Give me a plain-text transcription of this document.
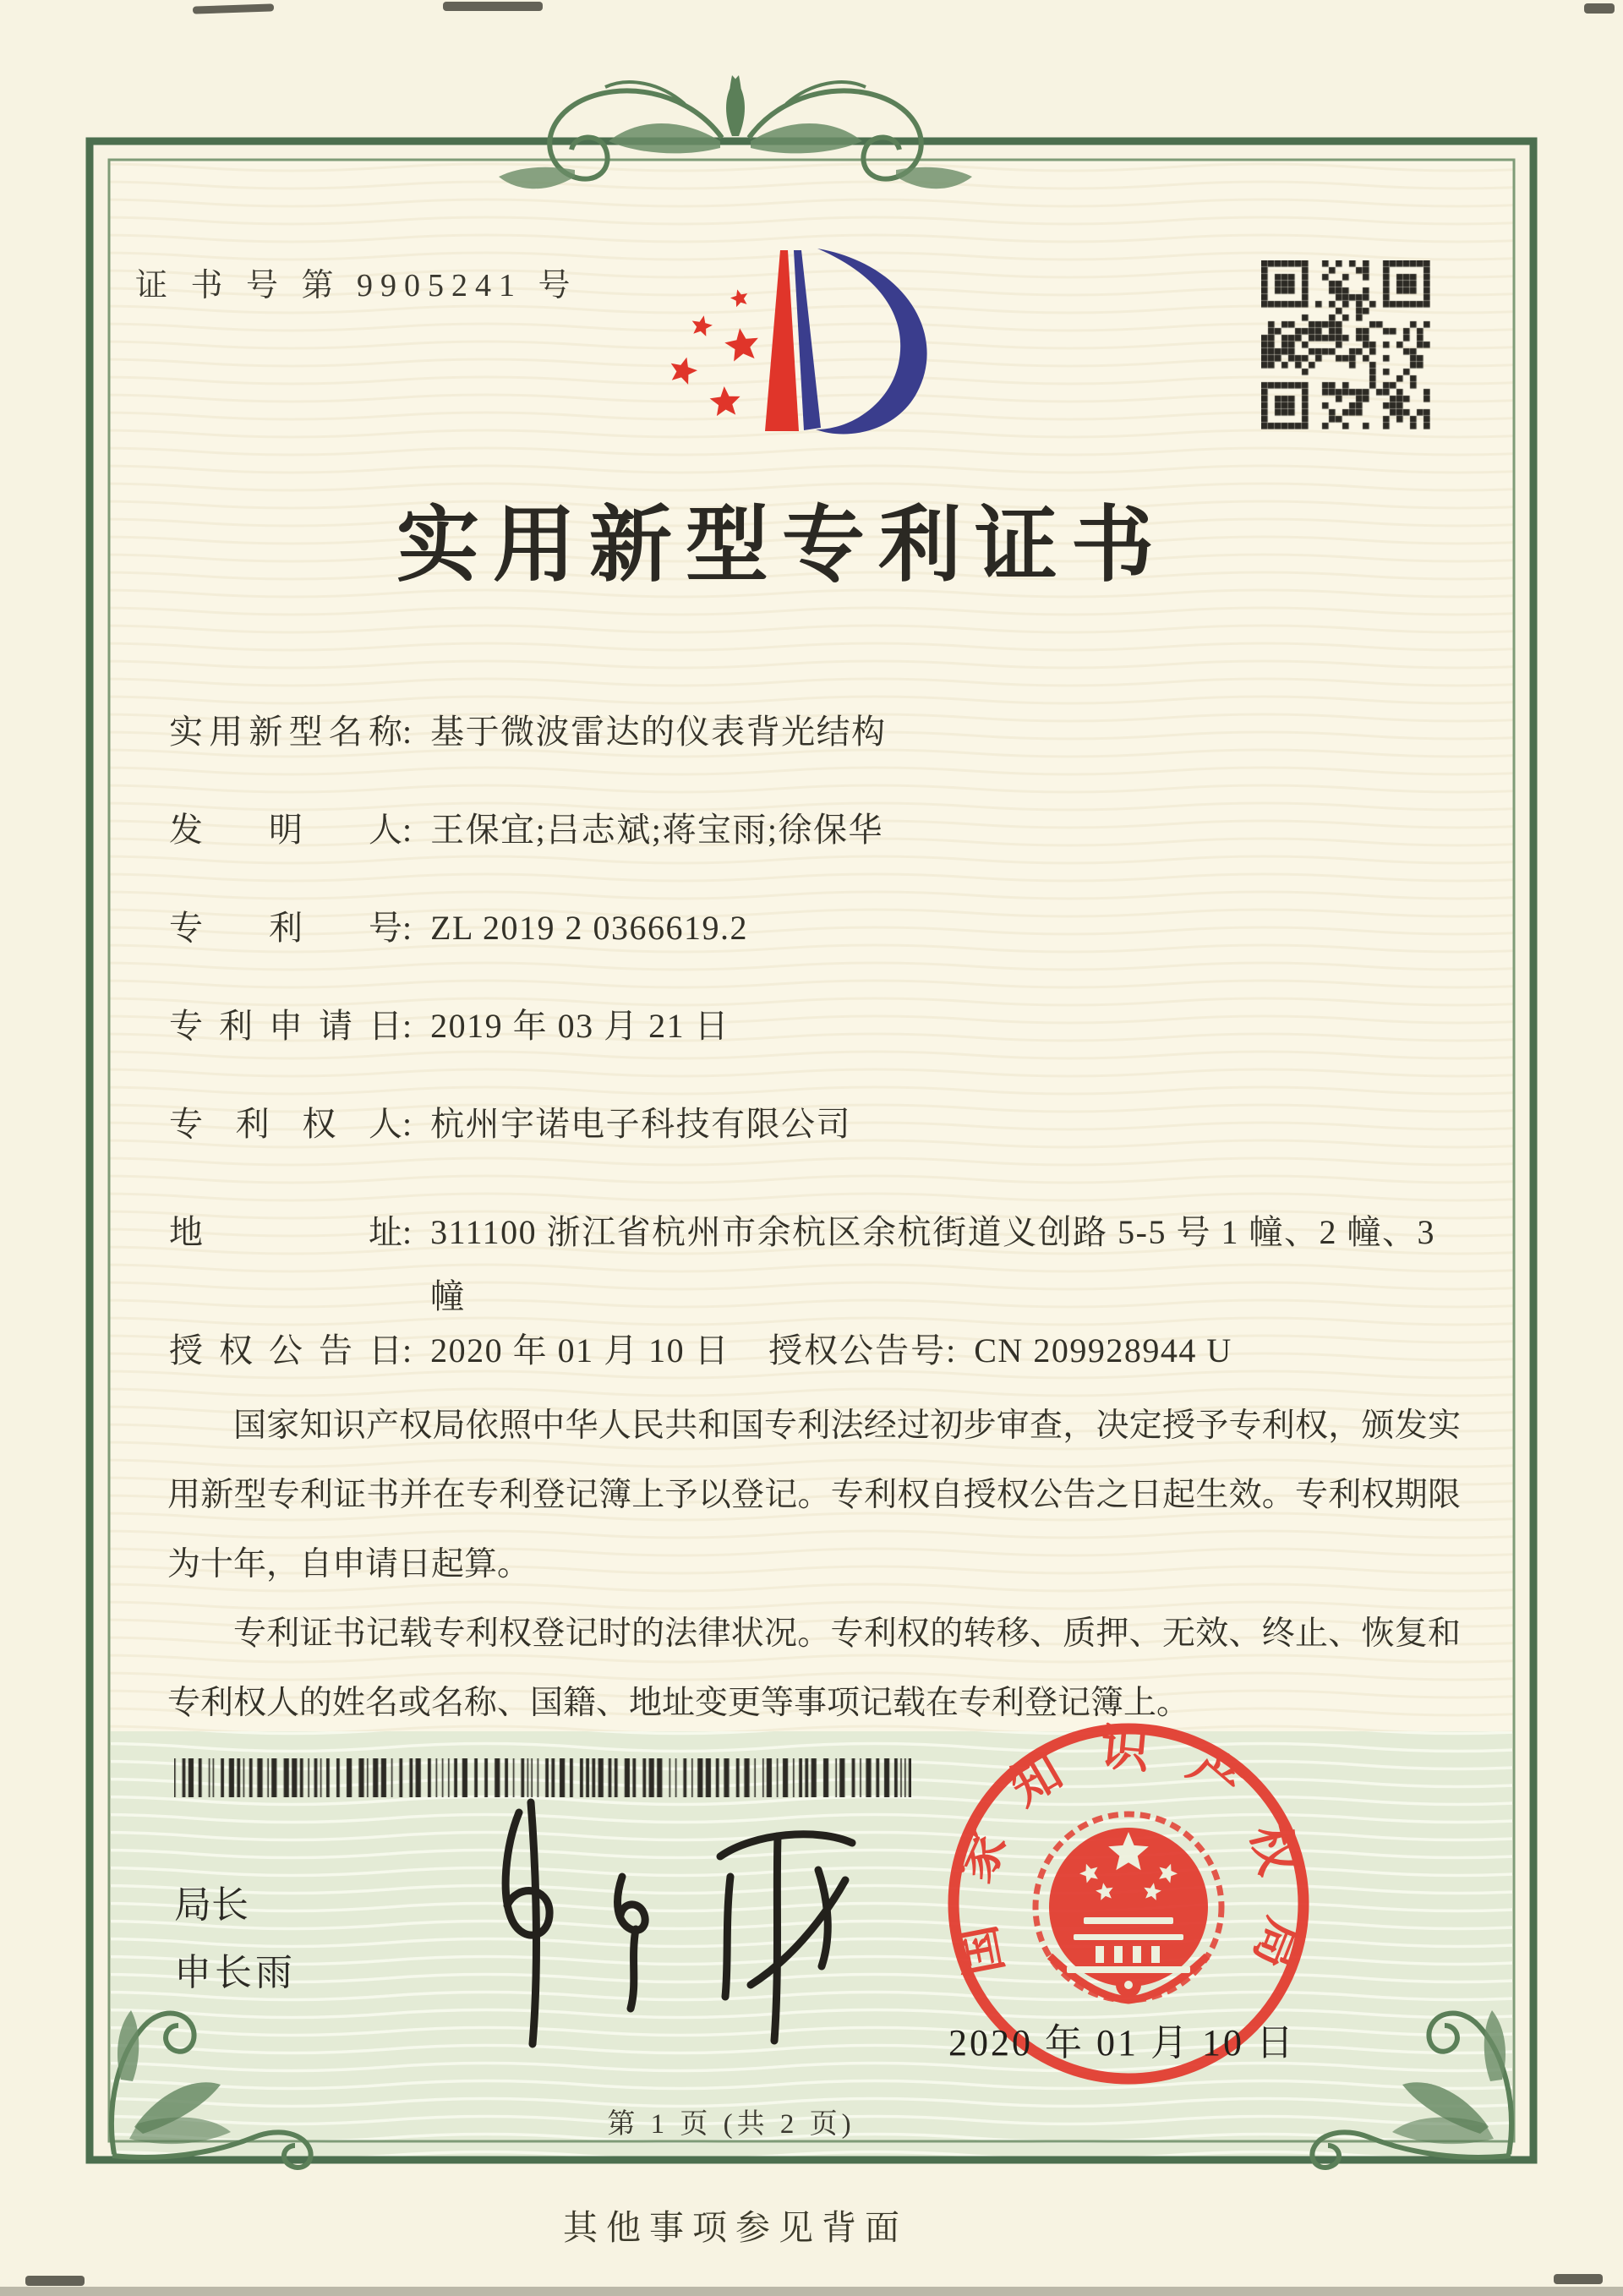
证 书 号 第 9905241 号
实用新型专利证书
实用新型名称: 基于微波雷达的仪表背光结构
发明人: 王保宜;吕志斌;蒋宝雨;徐保华
专利号: ZL 2019 2 0366619.2
专利申请日: 2019 年 03 月 21 日
专利权人: 杭州宇诺电子科技有限公司
地址: 311100 浙江省杭州市余杭区余杭街道义创路 5-5 号 1 幢、2 幢、3 幢
授权公告日: 2020 年 01 月 10 日 授权公告号: CN 209928944 U

国家知识产权局依照中华人民共和国专利法经过初步审查，决定授予专利权，颁发实用新型专利证书并在专利登记簿上予以登记。专利权自授权公告之日起生效。专利权期限为十年，自申请日起算。

专利证书记载专利权登记时的法律状况。专利权的转移、质押、无效、终止、恢复和专利权人的姓名或名称、国籍、地址变更等事项记载在专利登记簿上。

局长
申长雨	国家知识产权局
2020 年 01 月 10 日
第 1 页 (共 2 页)
其他事项参见背面
